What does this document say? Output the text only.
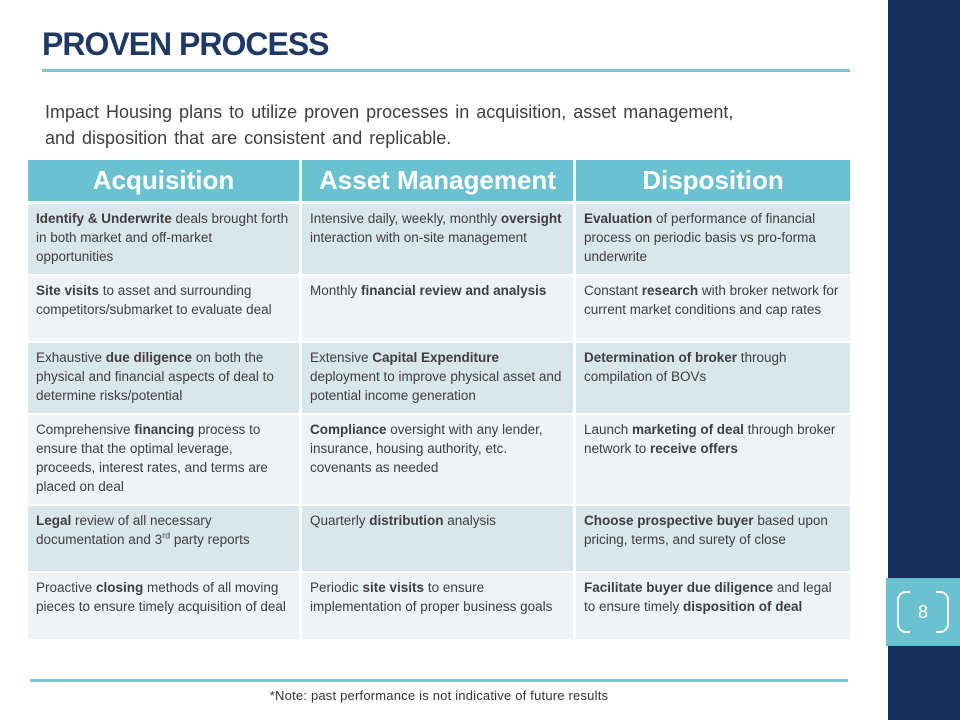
PROVEN PROCESS
Impact Housing plans to utilize proven processes in acquisition, asset management,
and disposition that are consistent and replicable.
Acquisition	Asset Management	Disposition
Identify & Underwrite deals brought forth in both market and off-market opportunities	Intensive daily, weekly, monthly oversight interaction with on-site management	Evaluation of performance of financial process on periodic basis vs pro-forma underwrite
Site visits to asset and surrounding competitors/submarket to evaluate deal	Monthly financial review and analysis	Constant research with broker network for current market conditions and cap rates
Exhaustive due diligence on both the physical and financial aspects of deal to determine risks/potential	Extensive Capital Expenditure deployment to improve physical asset and potential income generation	Determination of broker through compilation of BOVs
Comprehensive financing process to ensure that the optimal leverage, proceeds, interest rates, and terms are placed on deal	Compliance oversight with any lender, insurance, housing authority, etc. covenants as needed	Launch marketing of deal through broker network to receive offers
Legal review of all necessary documentation and 3rd party reports	Quarterly distribution analysis	Choose prospective buyer based upon pricing, terms, and surety of close
Proactive closing methods of all moving pieces to ensure timely acquisition of deal	Periodic site visits to ensure implementation of proper business goals	Facilitate buyer due diligence and legal to ensure timely disposition of deal
*Note: past performance is not indicative of future results
8
